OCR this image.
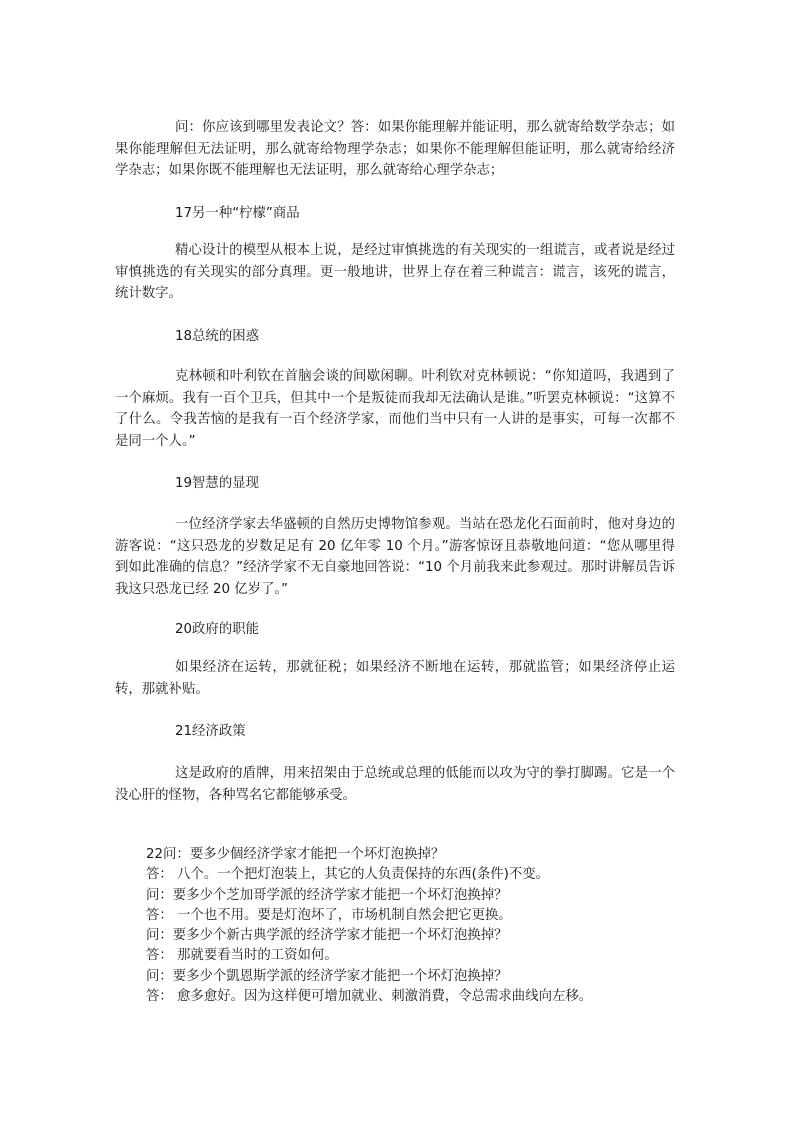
问：你应该到哪里发表论文？答：如果你能理解并能证明，那么就寄给数学杂志；如果你能理解但无法证明，那么就寄给物理学杂志；如果你不能理解但能证明，那么就寄给经济学杂志；如果你既不能理解也无法证明，那么就寄给心理学杂志；

17另一种“柠檬”商品

精心设计的模型从根本上说，是经过审慎挑选的有关现实的一组谎言，或者说是经过审慎挑选的有关现实的部分真理。更一般地讲，世界上存在着三种谎言：谎言，该死的谎言，统计数字。

18总统的困惑

克林顿和叶利钦在首脑会谈的间歇闲聊。叶利钦对克林顿说：“你知道吗，我遇到了一个麻烦。我有一百个卫兵，但其中一个是叛徒而我却无法确认是谁。”听罢克林顿说：“这算不了什么。令我苦恼的是我有一百个经济学家，而他们当中只有一人讲的是事实，可每一次都不是同一个人。”

19智慧的显现

一位经济学家去华盛顿的自然历史博物馆参观。当站在恐龙化石面前时，他对身边的游客说：“这只恐龙的岁数足足有 20 亿年零 10 个月。”游客惊讶且恭敬地问道：“您从哪里得到如此准确的信息？”经济学家不无自豪地回答说：“10 个月前我来此参观过。那时讲解员告诉我这只恐龙已经 20 亿岁了。”

20政府的职能

如果经济在运转，那就征税；如果经济不断地在运转，那就监管；如果经济停止运转，那就补贴。

21经济政策

这是政府的盾牌，用来招架由于总统或总理的低能而以攻为守的拳打脚踢。它是一个没心肝的怪物，各种骂名它都能够承受。

22问：要多少個经济学家才能把一个坏灯泡换掉？
答： 八个。一个把灯泡装上，其它的人负责保持的东西(条件)不变。
问：要多少个芝加哥学派的经济学家才能把一个坏灯泡换掉？
答： 一个也不用。要是灯泡坏了，市场机制自然会把它更换。
问：要多少个新古典学派的经济学家才能把一个坏灯泡换掉？
答： 那就要看当时的工资如何。
问：要多少个凱恩斯学派的经济学家才能把一个坏灯泡换掉？
答： 愈多愈好。因为这样便可增加就业、刺激消費，令总需求曲线向左移。
